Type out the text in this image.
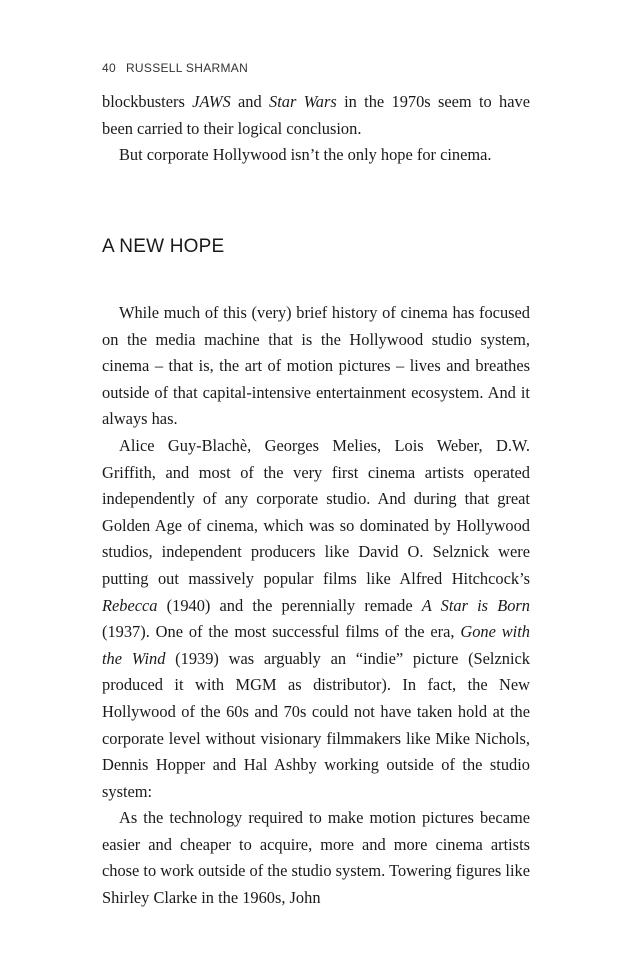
40 RUSSELL SHARMAN

blockbusters JAWS and Star Wars in the 1970s seem to have been carried to their logical conclusion.

But corporate Hollywood isn’t the only hope for cinema.

A NEW HOPE

While much of this (very) brief history of cinema has focused on the media machine that is the Hollywood studio system, cinema – that is, the art of motion pictures – lives and breathes outside of that capital-intensive entertainment ecosystem. And it always has.

Alice Guy-Blachè, Georges Melies, Lois Weber, D.W. Griffith, and most of the very first cinema artists operated independently of any corporate studio. And during that great Golden Age of cinema, which was so dominated by Hollywood studios, independent producers like David O. Selznick were putting out massively popular films like Alfred Hitchcock’s Rebecca (1940) and the perennially remade A Star is Born (1937). One of the most successful films of the era, Gone with the Wind (1939) was arguably an “indie” picture (Selznick produced it with MGM as distributor). In fact, the New Hollywood of the 60s and 70s could not have taken hold at the corporate level without visionary filmmakers like Mike Nichols, Dennis Hopper and Hal Ashby working outside of the studio system:

As the technology required to make motion pictures became easier and cheaper to acquire, more and more cinema artists chose to work outside of the studio system. Towering figures like Shirley Clarke in the 1960s, John
